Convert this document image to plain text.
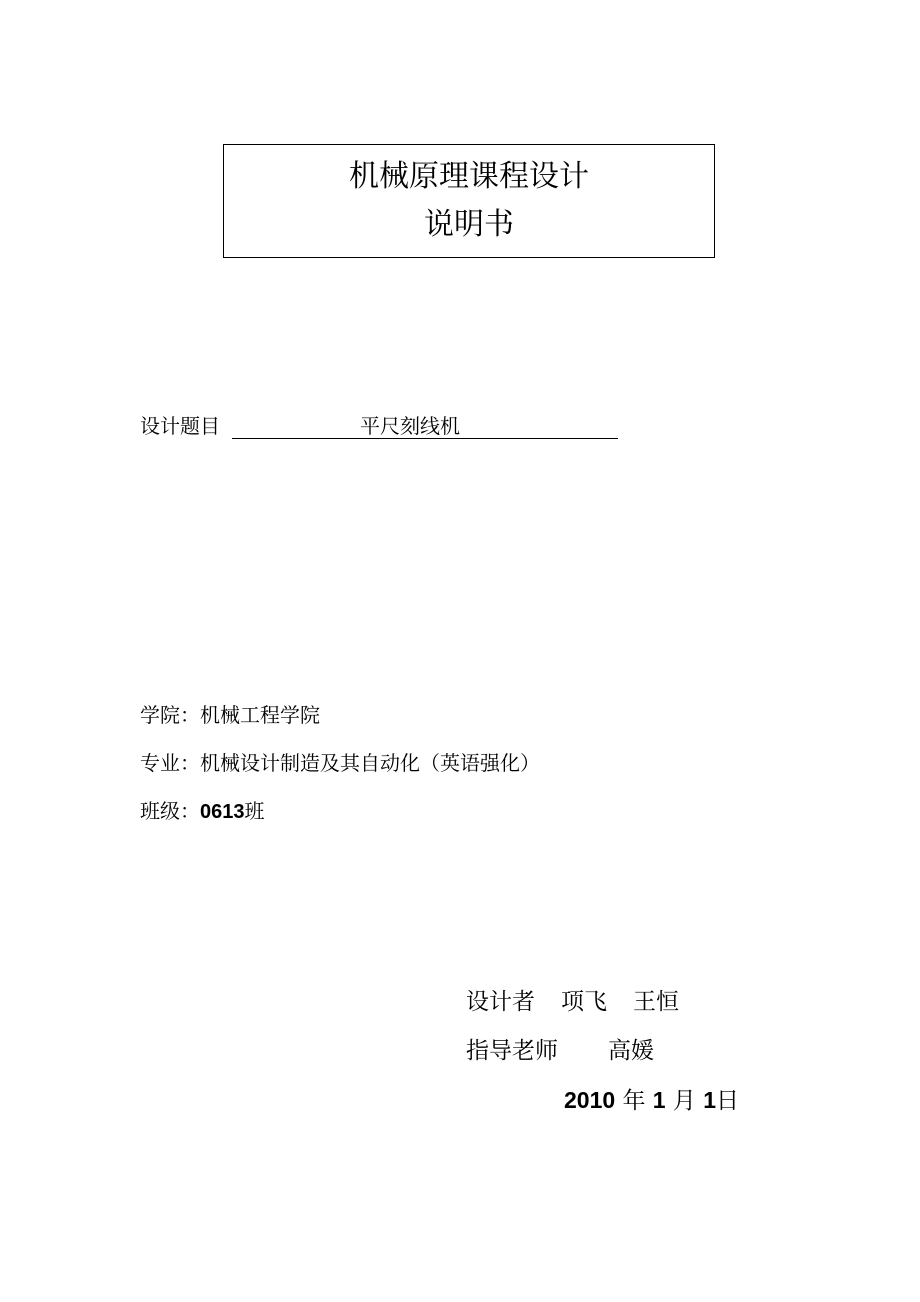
机械原理课程设计
说明书
设计题目	平尺刻线机
学院：机械工程学院
专业：机械设计制造及其自动化（英语强化）
班级：0613班
设计者 项飞 王恒
指导老师 高媛
2010 年 1 月 1日
